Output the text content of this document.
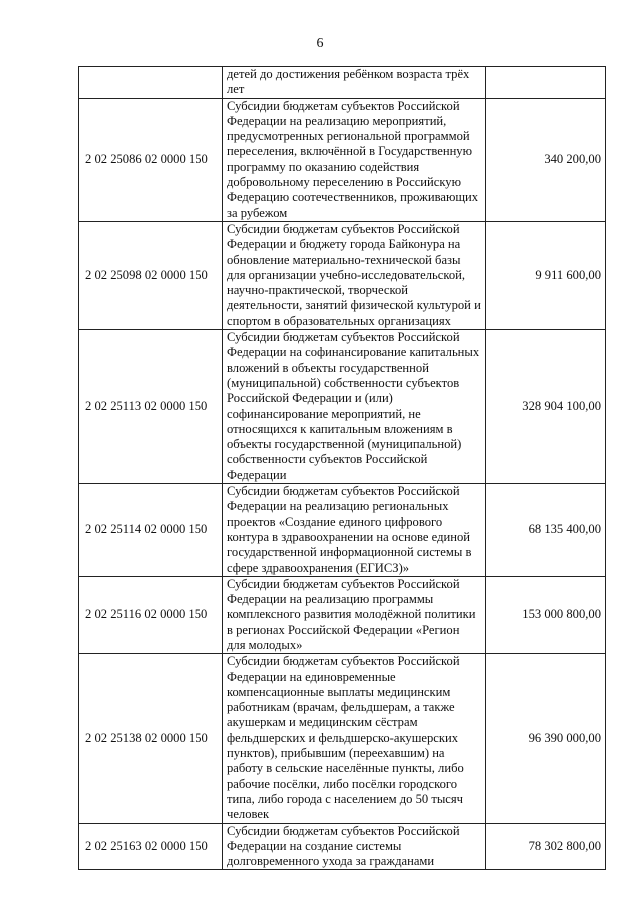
6
	детей до достижения ребёнком возраста трёх лет	
2 02 25086 02 0000 150	Субсидии бюджетам субъектов Российской Федерации на реализацию мероприятий, предусмотренных региональной программой переселения, включённой в Государственную программу по оказанию содействия добровольному переселению в Российскую Федерацию соотечественников, проживающих за рубежом	340 200,00
2 02 25098 02 0000 150	Субсидии бюджетам субъектов Российской Федерации и бюджету города Байконура на обновление материально-технической базы для организации учебно-исследовательской, научно-практической, творческой деятельности, занятий физической культурой и спортом в образовательных организациях	9 911 600,00
2 02 25113 02 0000 150	Субсидии бюджетам субъектов Российской Федерации на софинансирование капитальных вложений в объекты государственной (муниципальной) собственности субъектов Российской Федерации и (или) софинансирование мероприятий, не относящихся к капитальным вложениям в объекты государственной (муниципальной) собственности субъектов Российской Федерации	328 904 100,00
2 02 25114 02 0000 150	Субсидии бюджетам субъектов Российской Федерации на реализацию региональных проектов «Создание единого цифрового контура в здравоохранении на основе единой государственной информационной системы в сфере здравоохранения (ЕГИСЗ)»	68 135 400,00
2 02 25116 02 0000 150	Субсидии бюджетам субъектов Российской Федерации на реализацию программы комплексного развития молодёжной политики в регионах Российской Федерации «Регион для молодых»	153 000 800,00
2 02 25138 02 0000 150	Субсидии бюджетам субъектов Российской Федерации на единовременные компенсационные выплаты медицинским работникам (врачам, фельдшерам, а также акушеркам и медицинским сёстрам фельдшерских и фельдшерско-акушерских пунктов), прибывшим (переехавшим) на работу в сельские населённые пункты, либо рабочие посёлки, либо посёлки городского типа, либо города с населением до 50 тысяч человек	96 390 000,00
2 02 25163 02 0000 150	Субсидии бюджетам субъектов Российской Федерации на создание системы долговременного ухода за гражданами	78 302 800,00
